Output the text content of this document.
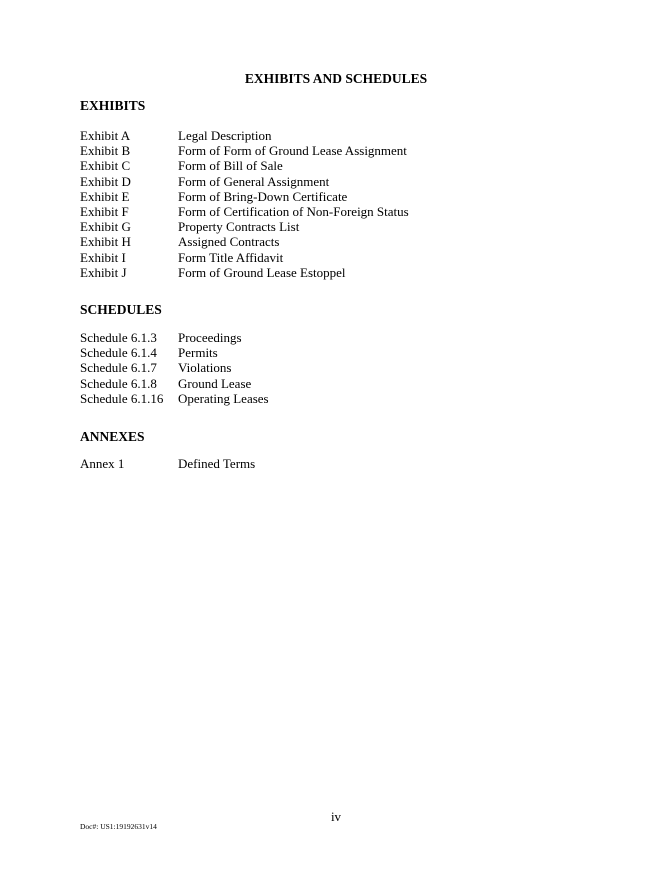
EXHIBITS AND SCHEDULES
EXHIBITS
Exhibit A	Legal Description
Exhibit B	Form of Form of Ground Lease Assignment
Exhibit C	Form of Bill of Sale
Exhibit D	Form of General Assignment
Exhibit E	Form of Bring-Down Certificate
Exhibit F	Form of Certification of Non-Foreign Status
Exhibit G	Property Contracts List
Exhibit H	Assigned Contracts
Exhibit I	Form Title Affidavit
Exhibit J	Form of Ground Lease Estoppel
SCHEDULES
Schedule 6.1.3 Proceedings
Schedule 6.1.4 Permits
Schedule 6.1.7 Violations
Schedule 6.1.8 Ground Lease
Schedule 6.1.16 Operating Leases
ANNEXES
Annex 1	Defined Terms
iv
Doc#: US1:19192631v14
